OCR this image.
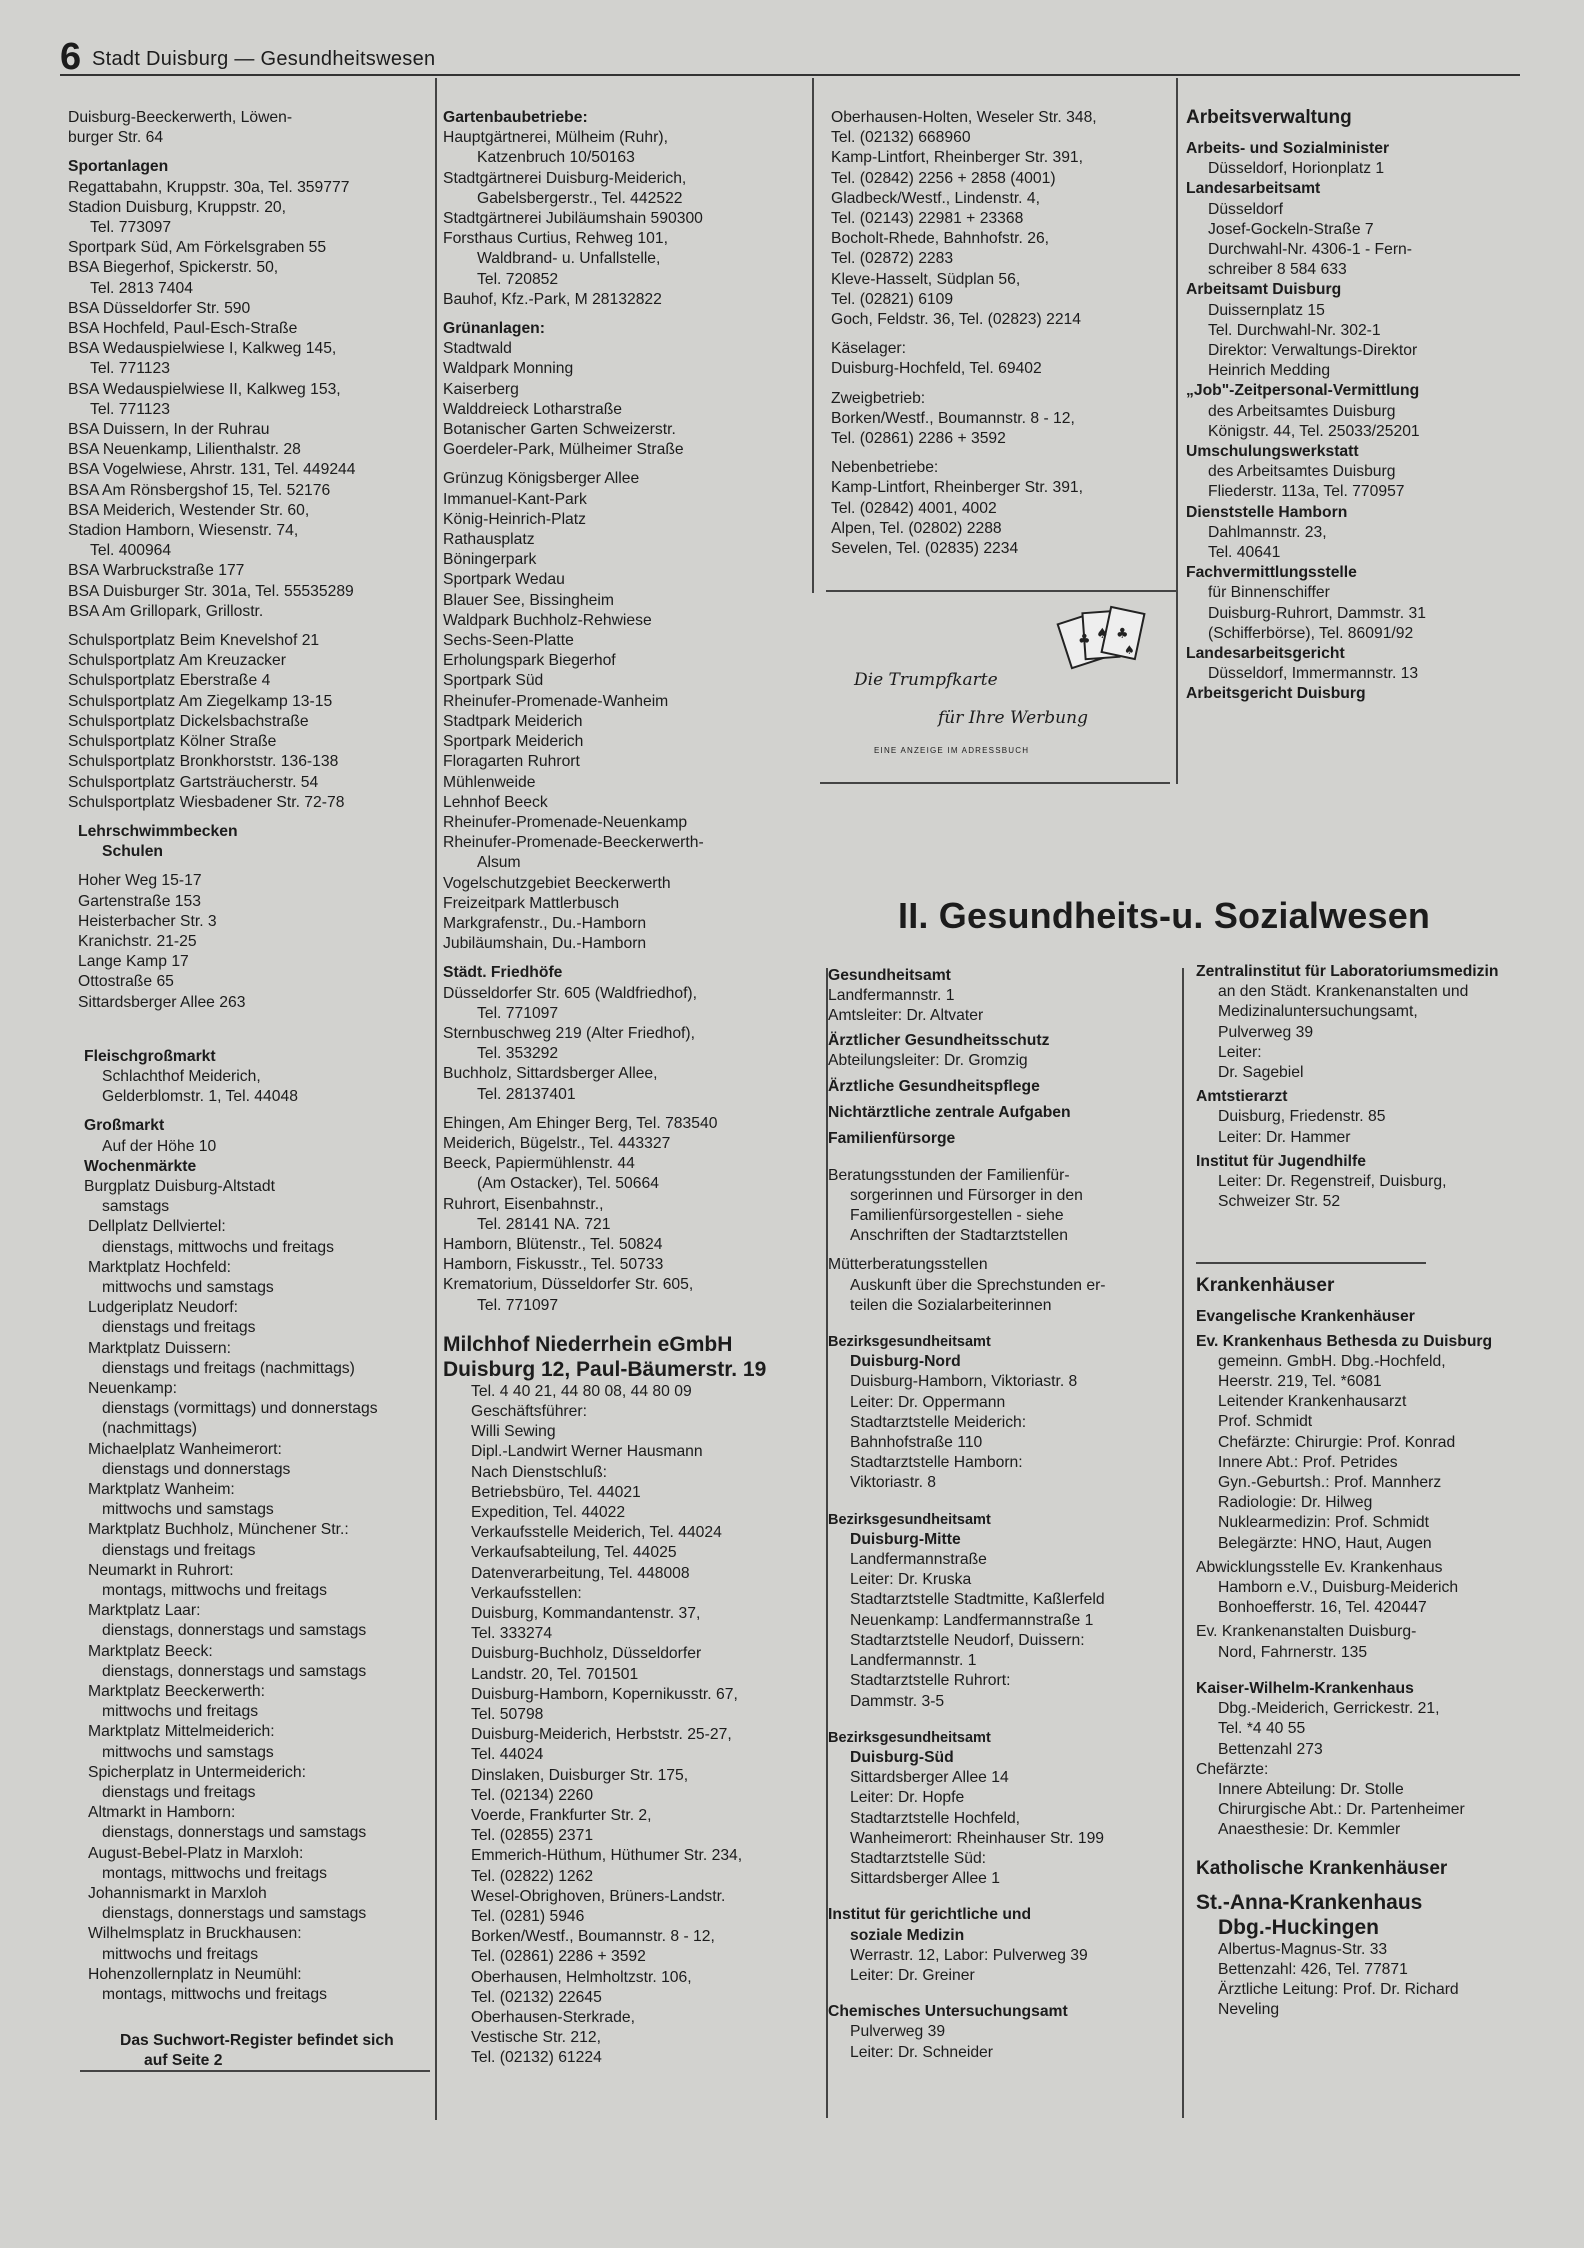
6 Stadt Duisburg — Gesundheitswesen
Duisburg-Beeckerwerth, Löwen-
burger Str. 64
Sportanlagen
Regattabahn, Kruppstr. 30a, Tel. 359777
Stadion Duisburg, Kruppstr. 20,
Tel. 773097
Sportpark Süd, Am Förkelsgraben 55
BSA Biegerhof, Spickerstr. 50,
Tel. 2813 7404
BSA Düsseldorfer Str. 590
BSA Hochfeld, Paul-Esch-Straße
BSA Wedauspielwiese I, Kalkweg 145,
Tel. 771123
BSA Wedauspielwiese II, Kalkweg 153,
Tel. 771123
BSA Duissern, In der Ruhrau
BSA Neuenkamp, Lilienthalstr. 28
BSA Vogelwiese, Ahrstr. 131, Tel. 449244
BSA Am Rönsbergshof 15, Tel. 52176
BSA Meiderich, Westender Str. 60,
Stadion Hamborn, Wiesenstr. 74,
Tel. 400964
BSA Warbruckstraße 177
BSA Duisburger Str. 301a, Tel. 55535289
BSA Am Grillopark, Grillostr.
Schulsportplatz Beim Knevelshof 21
Schulsportplatz Am Kreuzacker
Schulsportplatz Eberstraße 4
Schulsportplatz Am Ziegelkamp 13-15
Schulsportplatz Dickelsbachstraße
Schulsportplatz Kölner Straße
Schulsportplatz Bronkhorststr. 136-138
Schulsportplatz Gartsträucherstr. 54
Schulsportplatz Wiesbadener Str. 72-78
Lehrschwimmbecken
Schulen
Hoher Weg 15-17
Gartenstraße 153
Heisterbacher Str. 3
Kranichstr. 21-25
Lange Kamp 17
Ottostraße 65
Sittardsberger Allee 263
Fleischgroßmarkt
Schlachthof Meiderich,
Gelderblomstr. 1, Tel. 44048
Großmarkt
Auf der Höhe 10
Wochenmärkte
Burgplatz Duisburg-Altstadt
samstags
Dellplatz Dellviertel:
dienstags, mittwochs und freitags
Marktplatz Hochfeld:
mittwochs und samstags
Ludgeriplatz Neudorf:
dienstags und freitags
Marktplatz Duissern:
dienstags und freitags (nachmittags)
Neuenkamp:
dienstags (vormittags) und donnerstags
(nachmittags)
Michaelplatz Wanheimerort:
dienstags und donnerstags
Marktplatz Wanheim:
mittwochs und samstags
Marktplatz Buchholz, Münchener Str.:
dienstags und freitags
Neumarkt in Ruhrort:
montags, mittwochs und freitags
Marktplatz Laar:
dienstags, donnerstags und samstags
Marktplatz Beeck:
dienstags, donnerstags und samstags
Marktplatz Beeckerwerth:
mittwochs und freitags
Marktplatz Mittelmeiderich:
mittwochs und samstags
Spicherplatz in Untermeiderich:
dienstags und freitags
Altmarkt in Hamborn:
dienstags, donnerstags und samstags
August-Bebel-Platz in Marxloh:
montags, mittwochs und freitags
Johannismarkt in Marxloh
dienstags, donnerstags und samstags
Wilhelmsplatz in Bruckhausen:
mittwochs und freitags
Hohenzollernplatz in Neumühl:
montags, mittwochs und freitags
Das Suchwort-Register befindet sich
auf Seite 2
Gartenbaubetriebe:
Hauptgärtnerei, Mülheim (Ruhr),
Katzenbruch 10/50163
Stadtgärtnerei Duisburg-Meiderich,
Gabelsbergerstr., Tel. 442522
Stadtgärtnerei Jubiläumshain 590300
Forsthaus Curtius, Rehweg 101,
Waldbrand- u. Unfallstelle,
Tel. 720852
Bauhof, Kfz.-Park, M 28132822
Grünanlagen:
Stadtwald
Waldpark Monning
Kaiserberg
Walddreieck Lotharstraße
Botanischer Garten Schweizerstr.
Goerdeler-Park, Mülheimer Straße
Grünzug Königsberger Allee
Immanuel-Kant-Park
König-Heinrich-Platz
Rathausplatz
Böningerpark
Sportpark Wedau
Blauer See, Bissingheim
Waldpark Buchholz-Rehwiese
Sechs-Seen-Platte
Erholungspark Biegerhof
Sportpark Süd
Rheinufer-Promenade-Wanheim
Stadtpark Meiderich
Sportpark Meiderich
Floragarten Ruhrort
Mühlenweide
Lehnhof Beeck
Rheinufer-Promenade-Neuenkamp
Rheinufer-Promenade-Beeckerwerth-
Alsum
Vogelschutzgebiet Beeckerwerth
Freizeitpark Mattlerbusch
Markgrafenstr., Du.-Hamborn
Jubiläumshain, Du.-Hamborn
Städt. Friedhöfe
Düsseldorfer Str. 605 (Waldfriedhof),
Tel. 771097
Sternbuschweg 219 (Alter Friedhof),
Tel. 353292
Buchholz, Sittardsberger Allee,
Tel. 28137401
Ehingen, Am Ehinger Berg, Tel. 783540
Meiderich, Bügelstr., Tel. 443327
Beeck, Papiermühlenstr. 44
(Am Ostacker), Tel. 50664
Ruhrort, Eisenbahnstr.,
Tel. 28141 NA. 721
Hamborn, Blütenstr., Tel. 50824
Hamborn, Fiskusstr., Tel. 50733
Krematorium, Düsseldorfer Str. 605,
Tel. 771097
Milchhof Niederrhein eGmbH
Duisburg 12, Paul-Bäumerstr. 19
Tel. 4 40 21, 44 80 08, 44 80 09
Geschäftsführer:
Willi Sewing
Dipl.-Landwirt Werner Hausmann
Nach Dienstschluß:
Betriebsbüro, Tel. 44021
Expedition, Tel. 44022
Verkaufsstelle Meiderich, Tel. 44024
Verkaufsabteilung, Tel. 44025
Datenverarbeitung, Tel. 448008
Verkaufsstellen:
Duisburg, Kommandantenstr. 37,
Tel. 333274
Duisburg-Buchholz, Düsseldorfer
Landstr. 20, Tel. 701501
Duisburg-Hamborn, Kopernikusstr. 67,
Tel. 50798
Duisburg-Meiderich, Herbststr. 25-27,
Tel. 44024
Dinslaken, Duisburger Str. 175,
Tel. (02134) 2260
Voerde, Frankfurter Str. 2,
Tel. (02855) 2371
Emmerich-Hüthum, Hüthumer Str. 234,
Tel. (02822) 1262
Wesel-Obrighoven, Brüners-Landstr.
Tel. (0281) 5946
Borken/Westf., Boumannstr. 8 - 12,
Tel. (02861) 2286 + 3592
Oberhausen, Helmholtzstr. 106,
Tel. (02132) 22645
Oberhausen-Sterkrade,
Vestische Str. 212,
Tel. (02132) 61224
Oberhausen-Holten, Weseler Str. 348,
Tel. (02132) 668960
Kamp-Lintfort, Rheinberger Str. 391,
Tel. (02842) 2256 + 2858 (4001)
Gladbeck/Westf., Lindenstr. 4,
Tel. (02143) 22981 + 23368
Bocholt-Rhede, Bahnhofstr. 26,
Tel. (02872) 2283
Kleve-Hasselt, Südplan 56,
Tel. (02821) 6109
Goch, Feldstr. 36, Tel. (02823) 2214
Käselager:
Duisburg-Hochfeld, Tel. 69402
Zweigbetrieb:
Borken/Westf., Boumannstr. 8 - 12,
Tel. (02861) 2286 + 3592
Nebenbetriebe:
Kamp-Lintfort, Rheinberger Str. 391,
Tel. (02842) 4001, 4002
Alpen, Tel. (02802) 2288
Sevelen, Tel. (02835) 2234
♣ ♠ ♣
♠
Die Trumpfkarte
für Ihre Werbung
EINE ANZEIGE IM ADRESSBUCH
Arbeitsverwaltung
Arbeits- und Sozialminister
Düsseldorf, Horionplatz 1
Landesarbeitsamt
Düsseldorf
Josef-Gockeln-Straße 7
Durchwahl-Nr. 4306-1 - Fern-
schreiber 8 584 633
Arbeitsamt Duisburg
Duissernplatz 15
Tel. Durchwahl-Nr. 302-1
Direktor: Verwaltungs-Direktor
Heinrich Medding
„Job"-Zeitpersonal-Vermittlung
des Arbeitsamtes Duisburg
Königstr. 44, Tel. 25033/25201
Umschulungswerkstatt
des Arbeitsamtes Duisburg
Fliederstr. 113a, Tel. 770957
Dienststelle Hamborn
Dahlmannstr. 23,
Tel. 40641
Fachvermittlungsstelle
für Binnenschiffer
Duisburg-Ruhrort, Dammstr. 31
(Schifferbörse), Tel. 86091/92
Landesarbeitsgericht
Düsseldorf, Immermannstr. 13
Arbeitsgericht Duisburg
II. Gesundheits-u. Sozialwesen
Gesundheitsamt
Landfermannstr. 1
Amtsleiter: Dr. Altvater
Ärztlicher Gesundheitsschutz
Abteilungsleiter: Dr. Gromzig
Ärztliche Gesundheitspflege
Nichtärztliche zentrale Aufgaben
Familienfürsorge
Beratungsstunden der Familienfür-
sorgerinnen und Fürsorger in den
Familienfürsorgestellen - siehe
Anschriften der Stadtarztstellen
Mütterberatungsstellen
Auskunft über die Sprechstunden er-
teilen die Sozialarbeiterinnen
Bezirksgesundheitsamt
Duisburg-Nord
Duisburg-Hamborn, Viktoriastr. 8
Leiter: Dr. Oppermann
Stadtarztstelle Meiderich:
Bahnhofstraße 110
Stadtarztstelle Hamborn:
Viktoriastr. 8
Bezirksgesundheitsamt
Duisburg-Mitte
Landfermannstraße
Leiter: Dr. Kruska
Stadtarztstelle Stadtmitte, Kaßlerfeld
Neuenkamp: Landfermannstraße 1
Stadtarztstelle Neudorf, Duissern:
Landfermannstr. 1
Stadtarztstelle Ruhrort:
Dammstr. 3-5
Bezirksgesundheitsamt
Duisburg-Süd
Sittardsberger Allee 14
Leiter: Dr. Hopfe
Stadtarztstelle Hochfeld,
Wanheimerort: Rheinhauser Str. 199
Stadtarztstelle Süd:
Sittardsberger Allee 1
Institut für gerichtliche und
soziale Medizin
Werrastr. 12, Labor: Pulverweg 39
Leiter: Dr. Greiner
Chemisches Untersuchungsamt
Pulverweg 39
Leiter: Dr. Schneider
Zentralinstitut für Laboratoriumsmedizin
an den Städt. Krankenanstalten und
Medizinaluntersuchungsamt,
Pulverweg 39
Leiter:
Dr. Sagebiel
Amtstierarzt
Duisburg, Friedenstr. 85
Leiter: Dr. Hammer
Institut für Jugendhilfe
Leiter: Dr. Regenstreif, Duisburg,
Schweizer Str. 52
Krankenhäuser
Evangelische Krankenhäuser
Ev. Krankenhaus Bethesda zu Duisburg
gemeinn. GmbH. Dbg.-Hochfeld,
Heerstr. 219, Tel. *6081
Leitender Krankenhausarzt
Prof. Schmidt
Chefärzte: Chirurgie: Prof. Konrad
Innere Abt.: Prof. Petrides
Gyn.-Geburtsh.: Prof. Mannherz
Radiologie: Dr. Hilweg
Nuklearmedizin: Prof. Schmidt
Belegärzte: HNO, Haut, Augen
Abwicklungsstelle Ev. Krankenhaus
Hamborn e.V., Duisburg-Meiderich
Bonhoefferstr. 16, Tel. 420447
Ev. Krankenanstalten Duisburg-
Nord, Fahrnerstr. 135
Kaiser-Wilhelm-Krankenhaus
Dbg.-Meiderich, Gerrickestr. 21,
Tel. *4 40 55
Bettenzahl 273
Chefärzte:
Innere Abteilung: Dr. Stolle
Chirurgische Abt.: Dr. Partenheimer
Anaesthesie: Dr. Kemmler
Katholische Krankenhäuser
St.-Anna-Krankenhaus
Dbg.-Huckingen
Albertus-Magnus-Str. 33
Bettenzahl: 426, Tel. 77871
Ärztliche Leitung: Prof. Dr. Richard
Neveling
